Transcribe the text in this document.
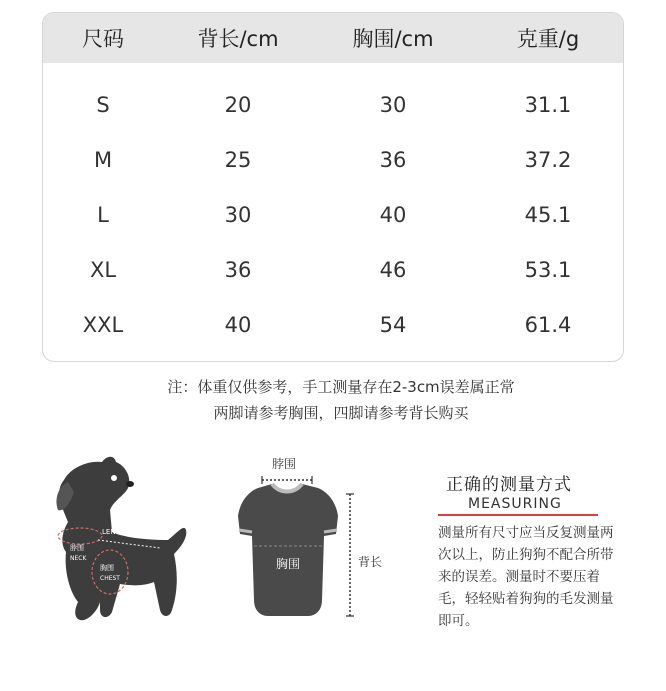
尺码	背长/cm	胸围/cm	克重/g
S	20	30	31.1
M	25	36	37.2
L	30	40	45.1
XL	36	46	53.1
XXL	40	54	61.4
注：体重仅供参考，手工测量存在2-3cm误差属正常
两脚请参考胸围，四脚请参考背长购买
LENGTH背长
脖围
NECK
胸围
CHEST
脖围
胸围	背长
正确的测量方式
MEASURING
测量所有尺寸应当反复测量两次以上，防止狗狗不配合所带来的误差。测量时不要压着毛，轻轻贴着狗狗的毛发测量即可。
